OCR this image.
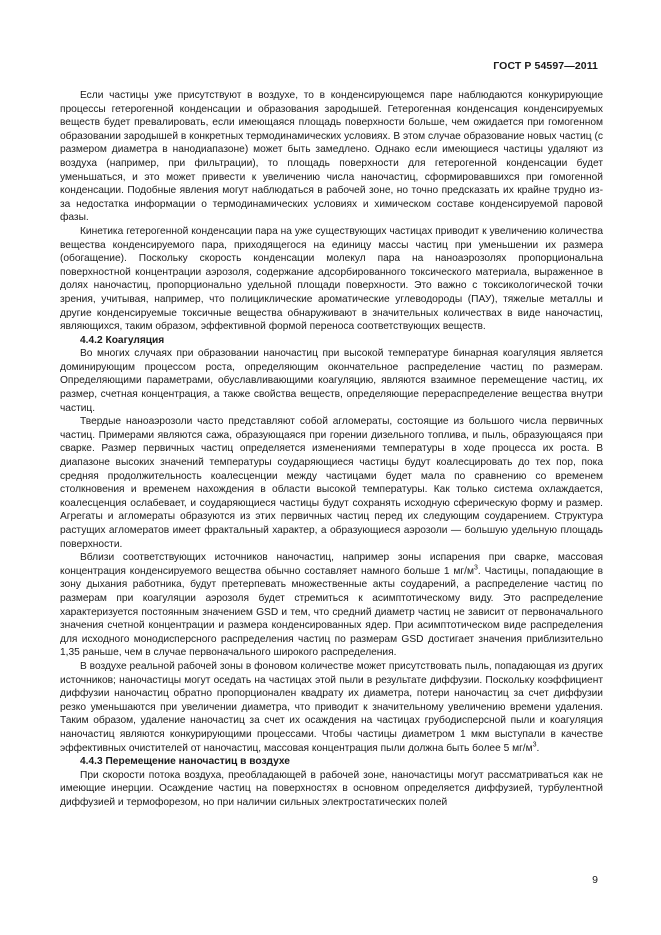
ГОСТ Р 54597—2011

Если частицы уже присутствуют в воздухе, то в конденсирующемся паре наблюдаются конкурирующие процессы гетерогенной конденсации и образования зародышей. Гетерогенная конденсация конденсируемых веществ будет превалировать, если имеющаяся площадь поверхности больше, чем ожидается при гомогенном образовании зародышей в конкретных термодинамических условиях. В этом случае образование новых частиц (с размером диаметра в нанодиапазоне) может быть замедлено. Однако если имеющиеся частицы удаляют из воздуха (например, при фильтрации), то площадь поверхности для гетерогенной конденсации будет уменьшаться, и это может привести к увеличению числа наночастиц, сформировавшихся при гомогенной конденсации. Подобные явления могут наблюдаться в рабочей зоне, но точно предсказать их крайне трудно из-за недостатка информации о термодинамических условиях и химическом составе конденсируемой паровой фазы.

Кинетика гетерогенной конденсации пара на уже существующих частицах приводит к увеличению количества вещества конденсируемого пара, приходящегося на единицу массы частиц при уменьшении их размера (обогащение). Поскольку скорость конденсации молекул пара на наноаэрозолях пропорциональна поверхностной концентрации аэрозоля, содержание адсорбированного токсического материала, выраженное в долях наночастиц, пропорционально удельной площади поверхности. Это важно с токсикологической точки зрения, учитывая, например, что полициклические ароматические углеводороды (ПАУ), тяжелые металлы и другие конденсируемые токсичные вещества обнаруживают в значительных количествах в виде наночастиц, являющихся, таким образом, эффективной формой переноса соответствующих веществ.

4.4.2 Коагуляция

Во многих случаях при образовании наночастиц при высокой температуре бинарная коагуляция является доминирующим процессом роста, определяющим окончательное распределение частиц по размерам. Определяющими параметрами, обуславливающими коагуляцию, являются взаимное перемещение частиц, их размер, счетная концентрация, а также свойства веществ, определяющие перераспределение вещества внутри частиц.

Твердые наноаэрозоли часто представляют собой агломераты, состоящие из большого числа первичных частиц. Примерами являются сажа, образующаяся при горении дизельного топлива, и пыль, образующаяся при сварке. Размер первичных частиц определяется изменениями температуры в ходе процесса их роста. В диапазоне высоких значений температуры соударяющиеся частицы будут коалесцировать до тех пор, пока средняя продолжительность коалесценции между частицами будет мала по сравнению со временем столкновения и временем нахождения в области высокой температуры. Как только система охлаждается, коалесценция ослабевает, и соударяющиеся частицы будут сохранять исходную сферическую форму и размер. Агрегаты и агломераты образуются из этих первичных частиц перед их следующим соударением. Структура растущих агломератов имеет фрактальный характер, а образующиеся аэрозоли — большую удельную площадь поверхности.

Вблизи соответствующих источников наночастиц, например зоны испарения при сварке, массовая концентрация конденсируемого вещества обычно составляет намного больше 1 $мг/м^3$. Частицы, попадающие в зону дыхания работника, будут претерпевать множественные акты соударений, а распределение частиц по размерам при коагуляции аэрозоля будет стремиться к асимптотическому виду. Это распределение характеризуется постоянным значением GSD и тем, что средний диаметр частиц не зависит от первоначального значения счетной концентрации и размера конденсированных ядер. При асимптотическом виде распределения для исходного монодисперсного распределения частиц по размерам GSD достигает значения приблизительно 1,35 раньше, чем в случае первоначального широкого распределения.

В воздухе реальной рабочей зоны в фоновом количестве может присутствовать пыль, попадающая из других источников; наночастицы могут оседать на частицах этой пыли в результате диффузии. Поскольку коэффициент диффузии наночастиц обратно пропорционален квадрату их диаметра, потери наночастиц за счет диффузии резко уменьшаются при увеличении диаметра, что приводит к значительному увеличению времени удаления. Таким образом, удаление наночастиц за счет их осаждения на частицах грубодисперсной пыли и коагуляция наночастиц являются конкурирующими процессами. Чтобы частицы диаметром 1 мкм выступали в качестве эффективных очистителей от наночастиц, массовая концентрация пыли должна быть более 5 $мг/м^3$.

4.4.3 Перемещение наночастиц в воздухе

При скорости потока воздуха, преобладающей в рабочей зоне, наночастицы могут рассматриваться как не имеющие инерции. Осаждение частиц на поверхностях в основном определяется диффузией, турбулентной диффузией и термофорезом, но при наличии сильных электростатических полей

9
